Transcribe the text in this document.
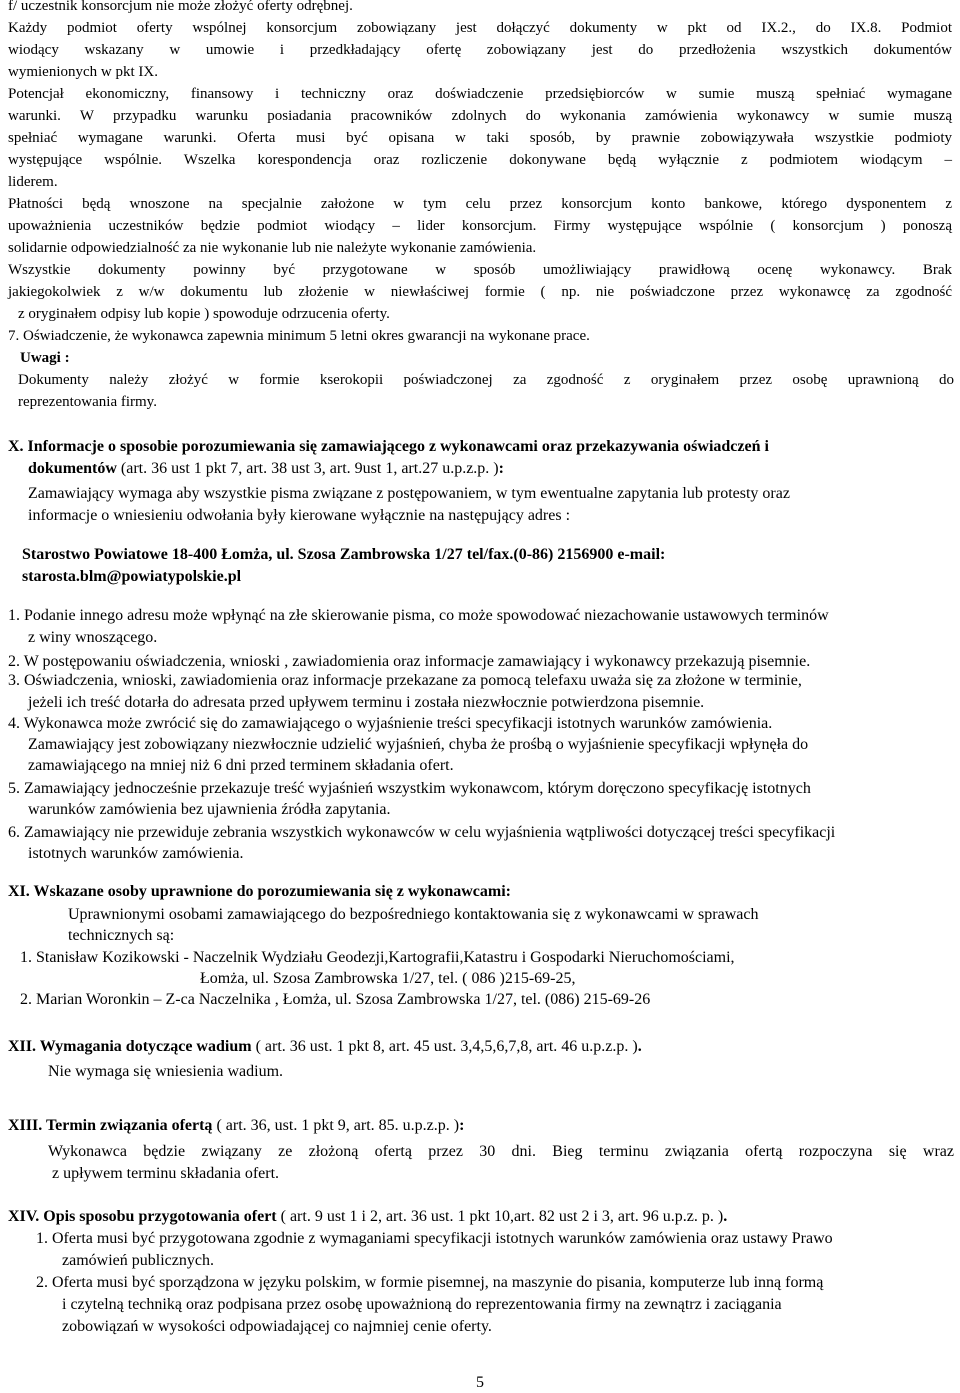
f/ uczestnik konsorcjum nie może złożyć oferty odrębnej.

Każdy podmiot oferty wspólnej konsorcjum zobowiązany jest dołączyć dokumenty w pkt od IX.2., do IX.8. Podmiot

wiodący wskazany w umowie i przedkładający ofertę zobowiązany jest do przedłożenia wszystkich dokumentów

wymienionych w pkt IX.

Potencjał ekonomiczny, finansowy i techniczny oraz doświadczenie przedsiębiorców w sumie muszą spełniać wymagane

warunki. W przypadku warunku posiadania pracowników zdolnych do wykonania zamówienia wykonawcy w sumie muszą

spełniać wymagane warunki. Oferta musi być opisana w taki sposób, by prawnie zobowiązywała wszystkie podmioty

występujące wspólnie. Wszelka korespondencja oraz rozliczenie dokonywane będą wyłącznie z podmiotem wiodącym –

liderem.

Płatności będą wnoszone na specjalnie założone w tym celu przez konsorcjum konto bankowe, którego dysponentem z

upoważnienia uczestników będzie podmiot wiodący – lider konsorcjum. Firmy występujące wspólnie ( konsorcjum ) ponoszą

solidarnie odpowiedzialność za nie wykonanie lub nie należyte wykonanie zamówienia.

Wszystkie dokumenty powinny być przygotowane w sposób umożliwiający prawidłową ocenę wykonawcy. Brak

jakiegokolwiek z w/w dokumentu lub złożenie w niewłaściwej formie ( np. nie poświadczone przez wykonawcę za zgodność

z oryginałem odpisy lub kopie ) spowoduje odrzucenia oferty.

7. Oświadczenie, że wykonawca zapewnia minimum 5 letni okres gwarancji na wykonane prace.

Uwagi :

Dokumenty należy złożyć w formie kserokopii poświadczonej za zgodność z oryginałem przez osobę uprawnioną do

reprezentowania firmy.

X. Informacje o sposobie porozumiewania się zamawiającego z wykonawcami oraz przekazywania oświadczeń i

dokumentów (art. 36 ust 1 pkt 7, art. 38 ust 3, art. 9ust 1, art.27 u.p.z.p. ):

Zamawiający wymaga aby wszystkie pisma związane z postępowaniem, w tym ewentualne zapytania lub protesty oraz

informacje o wniesieniu odwołania były kierowane wyłącznie na następujący adres :

Starostwo Powiatowe 18-400 Łomża, ul. Szosa Zambrowska 1/27 tel/fax.(0-86) 2156900 e-mail:

starosta.blm@powiatypolskie.pl

1. Podanie innego adresu może wpłynąć na złe skierowanie pisma, co może spowodować niezachowanie ustawowych terminów

z winy wnoszącego.

2. W postępowaniu oświadczenia, wnioski , zawiadomienia oraz informacje zamawiający i wykonawcy przekazują pisemnie.

3. Oświadczenia, wnioski, zawiadomienia oraz informacje przekazane za pomocą telefaxu uważa się za złożone w terminie,

jeżeli ich treść dotarła do adresata przed upływem terminu i została niezwłocznie potwierdzona pisemnie.

4. Wykonawca może zwrócić się do zamawiającego o wyjaśnienie treści specyfikacji istotnych warunków zamówienia.

Zamawiający jest zobowiązany niezwłocznie udzielić wyjaśnień, chyba że prośbą o wyjaśnienie specyfikacji wpłynęła do

zamawiającego na mniej niż 6 dni przed terminem składania ofert.

5. Zamawiający jednocześnie przekazuje treść wyjaśnień wszystkim wykonawcom, którym doręczono specyfikację istotnych

warunków zamówienia bez ujawnienia źródła zapytania.

6. Zamawiający nie przewiduje zebrania wszystkich wykonawców w celu wyjaśnienia wątpliwości dotyczącej treści specyfikacji

istotnych warunków zamówienia.

XI. Wskazane osoby uprawnione do porozumiewania się z wykonawcami:

Uprawnionymi osobami zamawiającego do bezpośredniego kontaktowania się z wykonawcami w sprawach

technicznych są:

1. Stanisław Kozikowski - Naczelnik Wydziału Geodezji,Kartografii,Katastru i Gospodarki Nieruchomościami,

Łomża, ul. Szosa Zambrowska 1/27, tel. ( 086 )215-69-25,

2. Marian Woronkin – Z-ca Naczelnika , Łomża, ul. Szosa Zambrowska 1/27, tel. (086) 215-69-26

XII. Wymagania dotyczące wadium ( art. 36 ust. 1 pkt 8, art. 45 ust. 3,4,5,6,7,8, art. 46 u.p.z.p. ).

Nie wymaga się wniesienia wadium.

XIII. Termin związania ofertą ( art. 36, ust. 1 pkt 9, art. 85. u.p.z.p. ):

Wykonawca będzie związany ze złożoną ofertą przez 30 dni. Bieg terminu związania ofertą rozpoczyna się wraz

z upływem terminu składania ofert.

XIV. Opis sposobu przygotowania ofert ( art. 9 ust 1 i 2, art. 36 ust. 1 pkt 10,art. 82 ust 2 i 3, art. 96 u.p.z. p. ).

1. Oferta musi być przygotowana zgodnie z wymaganiami specyfikacji istotnych warunków zamówienia oraz ustawy Prawo

zamówień publicznych.

2. Oferta musi być sporządzona w języku polskim, w formie pisemnej, na maszynie do pisania, komputerze lub inną formą

i czytelną techniką oraz podpisana przez osobę upoważnioną do reprezentowania firmy na zewnątrz i zaciągania

zobowiązań w wysokości odpowiadającej co najmniej cenie oferty.

5
